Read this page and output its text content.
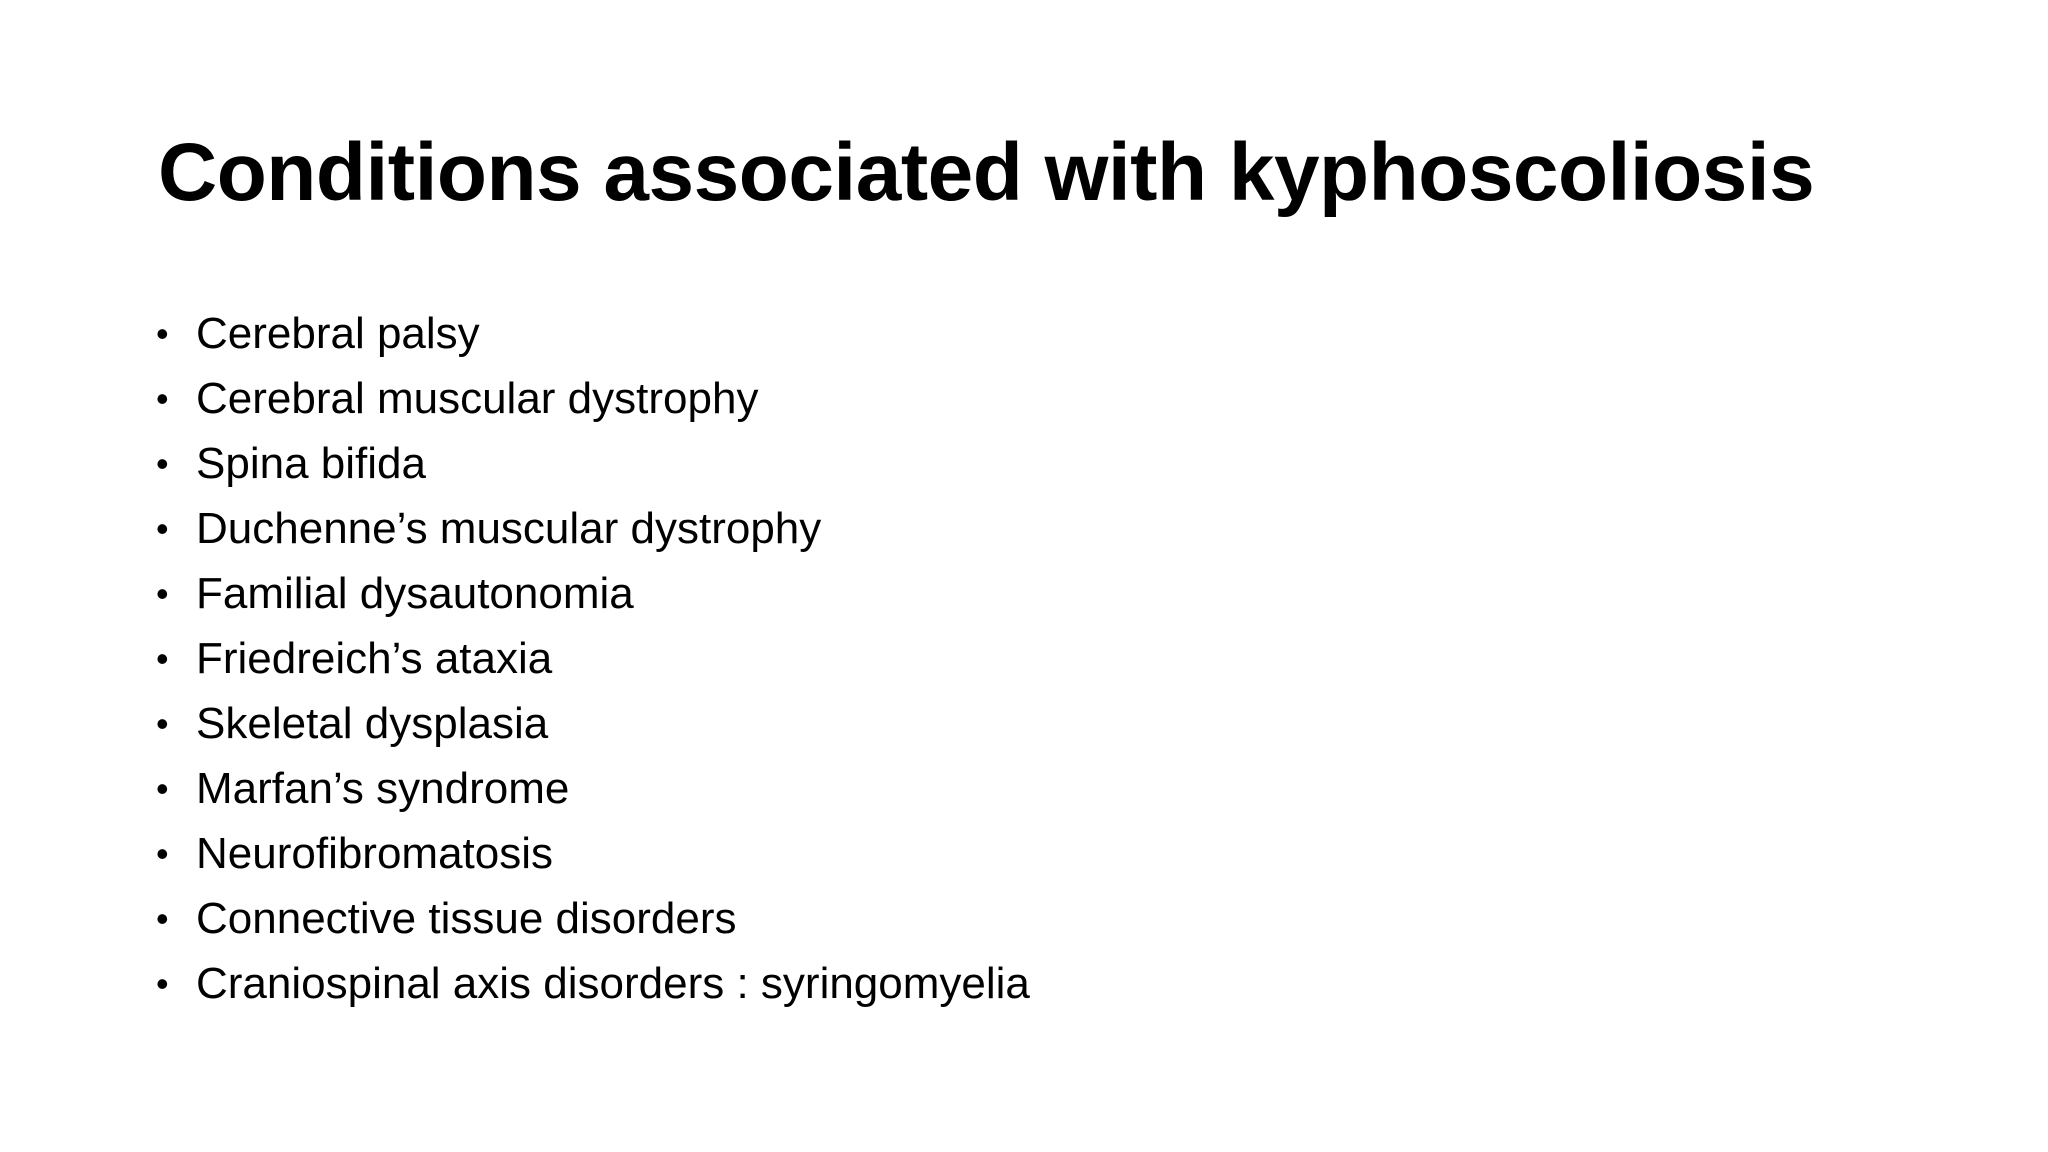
Conditions associated with kyphoscoliosis
• Cerebral palsy
• Cerebral muscular dystrophy
• Spina bifida
• Duchenne’s muscular dystrophy
• Familial dysautonomia
• Friedreich’s ataxia
• Skeletal dysplasia
• Marfan’s syndrome
• Neurofibromatosis
• Connective tissue disorders
• Craniospinal axis disorders : syringomyelia
